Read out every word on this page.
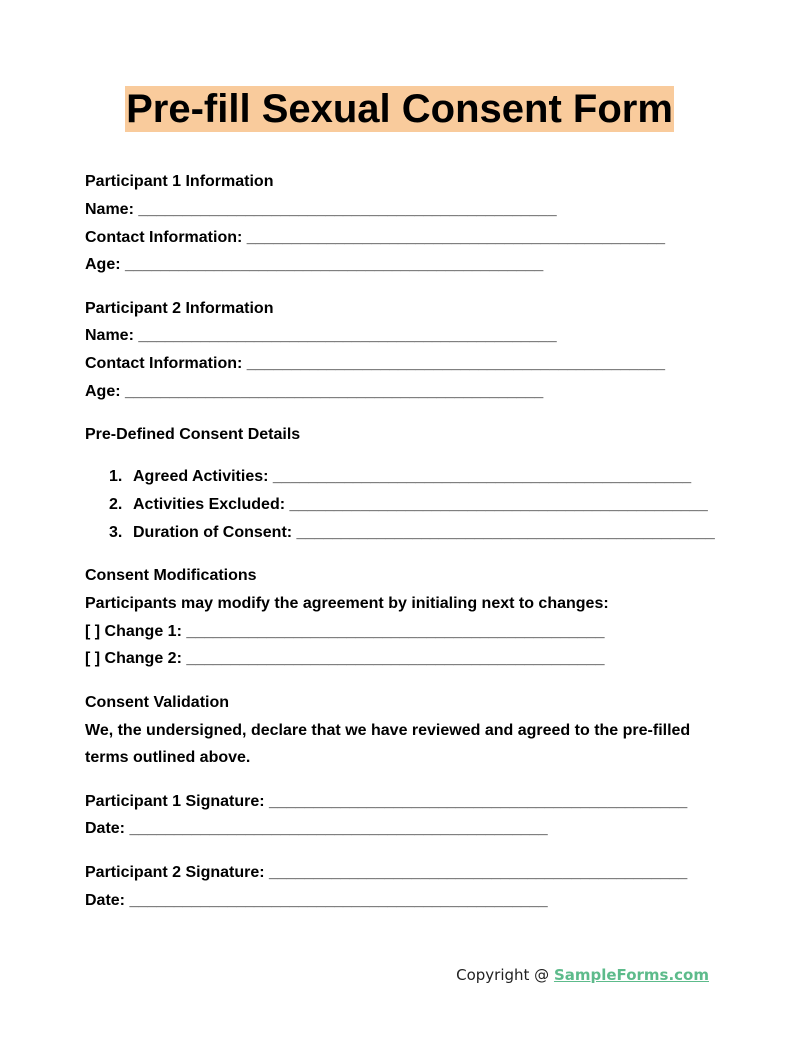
Pre-fill Sexual Consent Form
Participant 1 Information
Name: _______________________________________________
Contact Information: _______________________________________________
Age: _______________________________________________
Participant 2 Information
Name: _______________________________________________
Contact Information: _______________________________________________
Age: _______________________________________________
Pre-Defined Consent Details
1. Agreed Activities: _______________________________________________
2. Activities Excluded: _______________________________________________
3. Duration of Consent: _______________________________________________
Consent Modifications
Participants may modify the agreement by initialing next to changes:
[ ] Change 1: _______________________________________________
[ ] Change 2: _______________________________________________
Consent Validation
We, the undersigned, declare that we have reviewed and agreed to the pre-filled terms outlined above.
Participant 1 Signature: _______________________________________________
Date: _______________________________________________
Participant 2 Signature: _______________________________________________
Date: _______________________________________________
Copyright @ SampleForms.com
